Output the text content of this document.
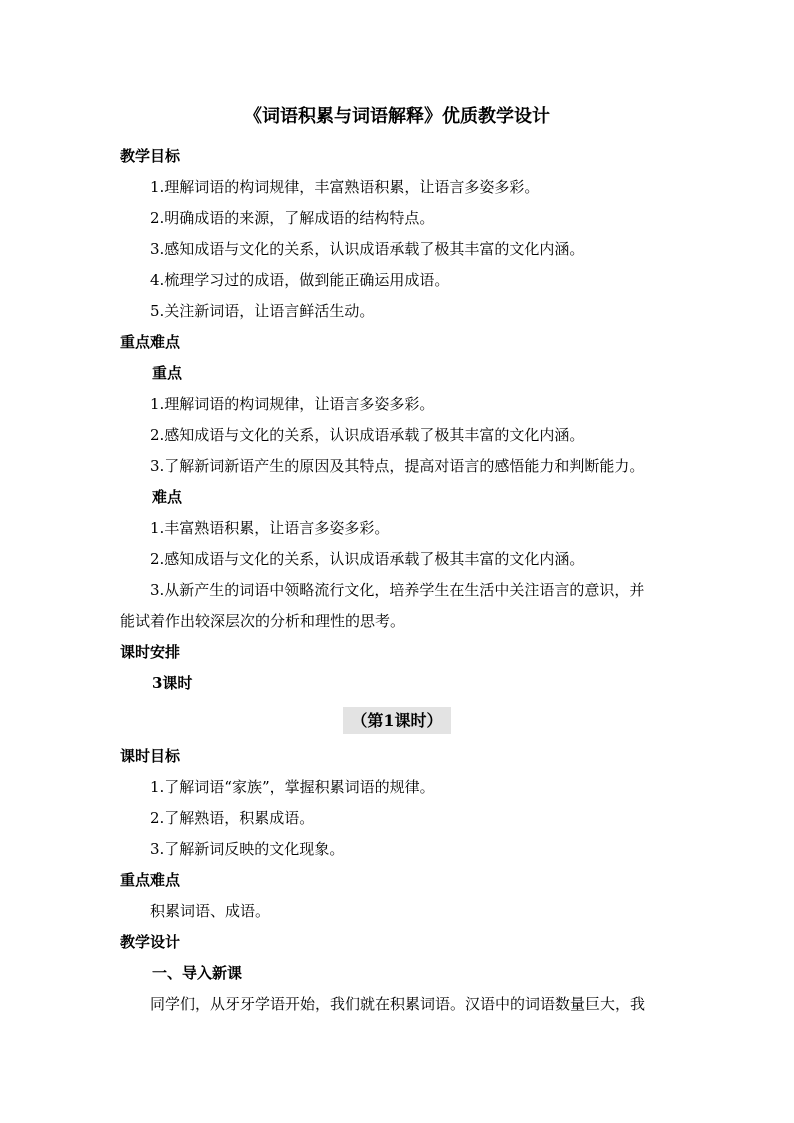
《词语积累与词语解释》优质教学设计
教学目标
1.理解词语的构词规律，丰富熟语积累，让语言多姿多彩。
2.明确成语的来源，了解成语的结构特点。
3.感知成语与文化的关系，认识成语承载了极其丰富的文化内涵。
4.梳理学习过的成语，做到能正确运用成语。
5.关注新词语，让语言鲜活生动。
重点难点
重点
1.理解词语的构词规律，让语言多姿多彩。
2.感知成语与文化的关系，认识成语承载了极其丰富的文化内涵。
3.了解新词新语产生的原因及其特点，提高对语言的感悟能力和判断能力。
难点
1.丰富熟语积累，让语言多姿多彩。
2.感知成语与文化的关系，认识成语承载了极其丰富的文化内涵。
3.从新产生的词语中领略流行文化，培养学生在生活中关注语言的意识，并
能试着作出较深层次的分析和理性的思考。
课时安排
3课时
（第1课时）
课时目标
1.了解词语“家族”，掌握积累词语的规律。
2.了解熟语，积累成语。
3.了解新词反映的文化现象。
重点难点
积累词语、成语。
教学设计
一、导入新课
同学们，从牙牙学语开始，我们就在积累词语。汉语中的词语数量巨大，我
